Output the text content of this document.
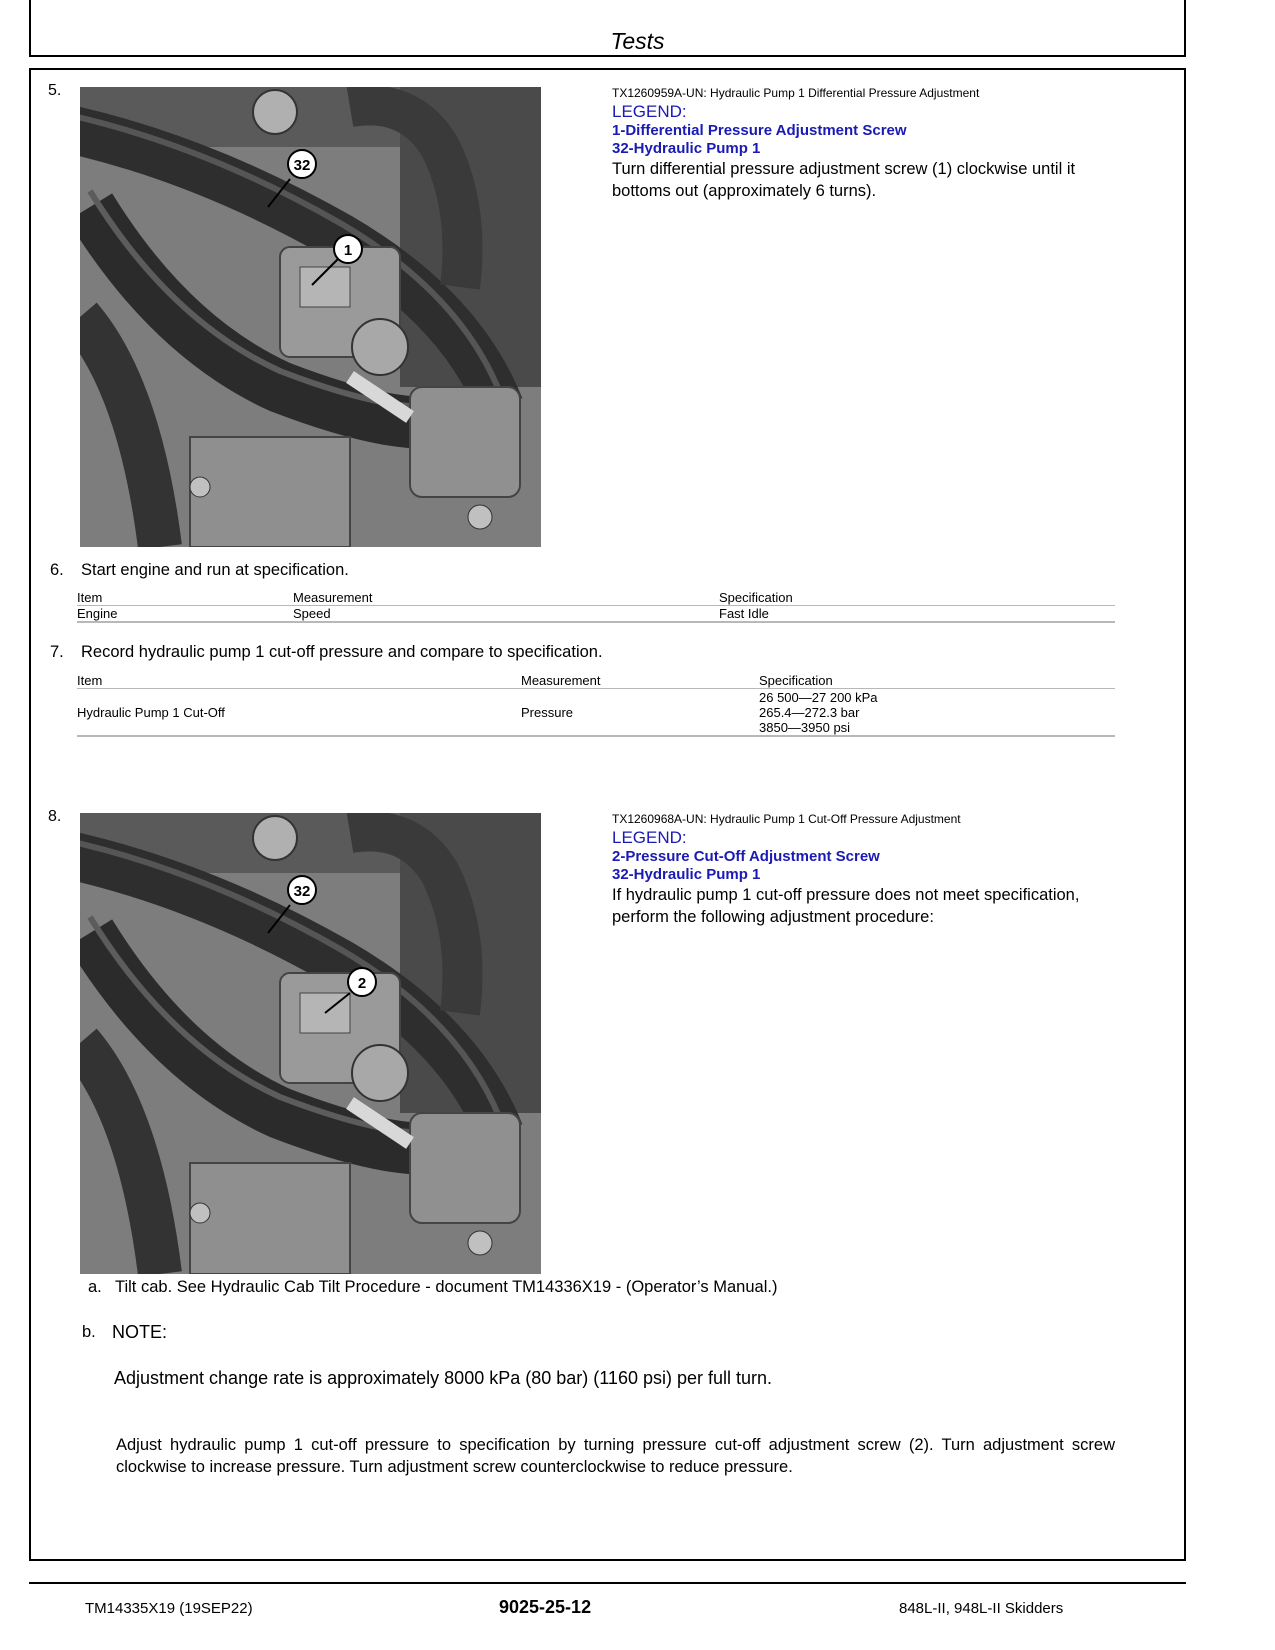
Tests
5.
32
1
TX1260959A-UN: Hydraulic Pump 1 Differential Pressure Adjustment
LEGEND:
1-Differential Pressure Adjustment Screw
32-Hydraulic Pump 1
Turn differential pressure adjustment screw (1) clockwise until it bottoms out (approximately 6 turns).
6. Start engine and run at specification.
Item	Measurement	Specification
Engine	Speed	Fast Idle
7. Record hydraulic pump 1 cut-off pressure and compare to specification.
Item	Measurement	Specification
Hydraulic Pump 1 Cut-Off	Pressure	
26 500—27 200 kPa
265.4—272.3 bar
3850—3950 psi
8.
32
2
TX1260968A-UN: Hydraulic Pump 1 Cut-Off Pressure Adjustment
LEGEND:
2-Pressure Cut-Off Adjustment Screw
32-Hydraulic Pump 1
If hydraulic pump 1 cut-off pressure does not meet specification, perform the following adjustment procedure:
a. Tilt cab. See Hydraulic Cab Tilt Procedure - document TM14336X19 - (Operator’s Manual.)
b. NOTE:
Adjustment change rate is approximately 8000 kPa (80 bar) (1160 psi) per full turn.
Adjust hydraulic pump 1 cut-off pressure to specification by turning pressure cut-off adjustment screw (2). Turn adjustment screw clockwise to increase pressure. Turn adjustment screw counterclockwise to reduce pressure.
TM14335X19 (19SEP22)	9025-25-12	848L-II, 948L-II Skidders
